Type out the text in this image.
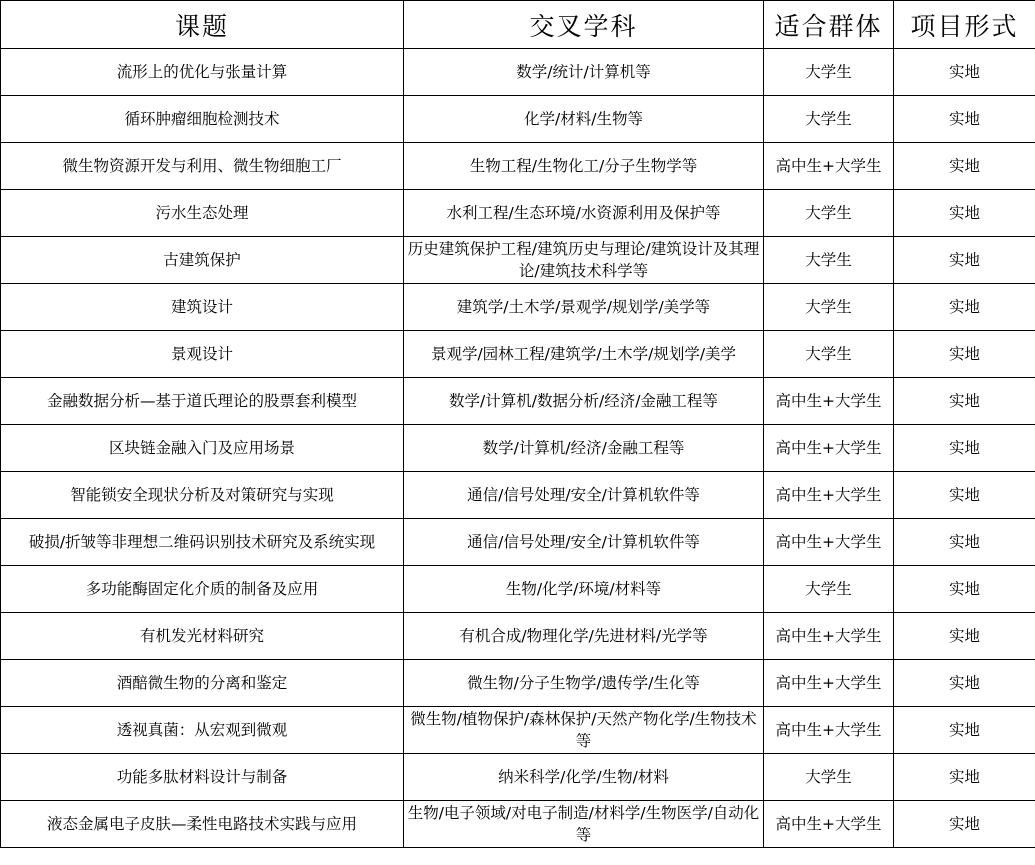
课题	交叉学科	适合群体	项目形式
流形上的优化与张量计算	数学/统计/计算机等	大学生	实地
循环肿瘤细胞检测技术	化学/材料/生物等	大学生	实地
微生物资源开发与利用、微生物细胞工厂	生物工程/生物化工/分子生物学等	高中生+大学生	实地
污水生态处理	水利工程/生态环境/水资源利用及保护等	大学生	实地
古建筑保护	历史建筑保护工程/建筑历史与理论/建筑设计及其理论/建筑技术科学等	大学生	实地
建筑设计	建筑学/土木学/景观学/规划学/美学等	大学生	实地
景观设计	景观学/园林工程/建筑学/土木学/规划学/美学	大学生	实地
金融数据分析—基于道氏理论的股票套利模型	数学/计算机/数据分析/经济/金融工程等	高中生+大学生	实地
区块链金融入门及应用场景	数学/计算机/经济/金融工程等	高中生+大学生	实地
智能锁安全现状分析及对策研究与实现	通信/信号处理/安全/计算机软件等	高中生+大学生	实地
破损/折皱等非理想二维码识别技术研究及系统实现	通信/信号处理/安全/计算机软件等	高中生+大学生	实地
多功能酶固定化介质的制备及应用	生物/化学/环境/材料等	大学生	实地
有机发光材料研究	有机合成/物理化学/先进材料/光学等	高中生+大学生	实地
酒醅微生物的分离和鉴定	微生物/分子生物学/遗传学/生化等	高中生+大学生	实地
透视真菌：从宏观到微观	微生物/植物保护/森林保护/天然产物化学/生物技术等	高中生+大学生	实地
功能多肽材料设计与制备	纳米科学/化学/生物/材料	大学生	实地
液态金属电子皮肤—柔性电路技术实践与应用	生物/电子领域/对电子制造/材料学/生物医学/自动化等	高中生+大学生	实地
